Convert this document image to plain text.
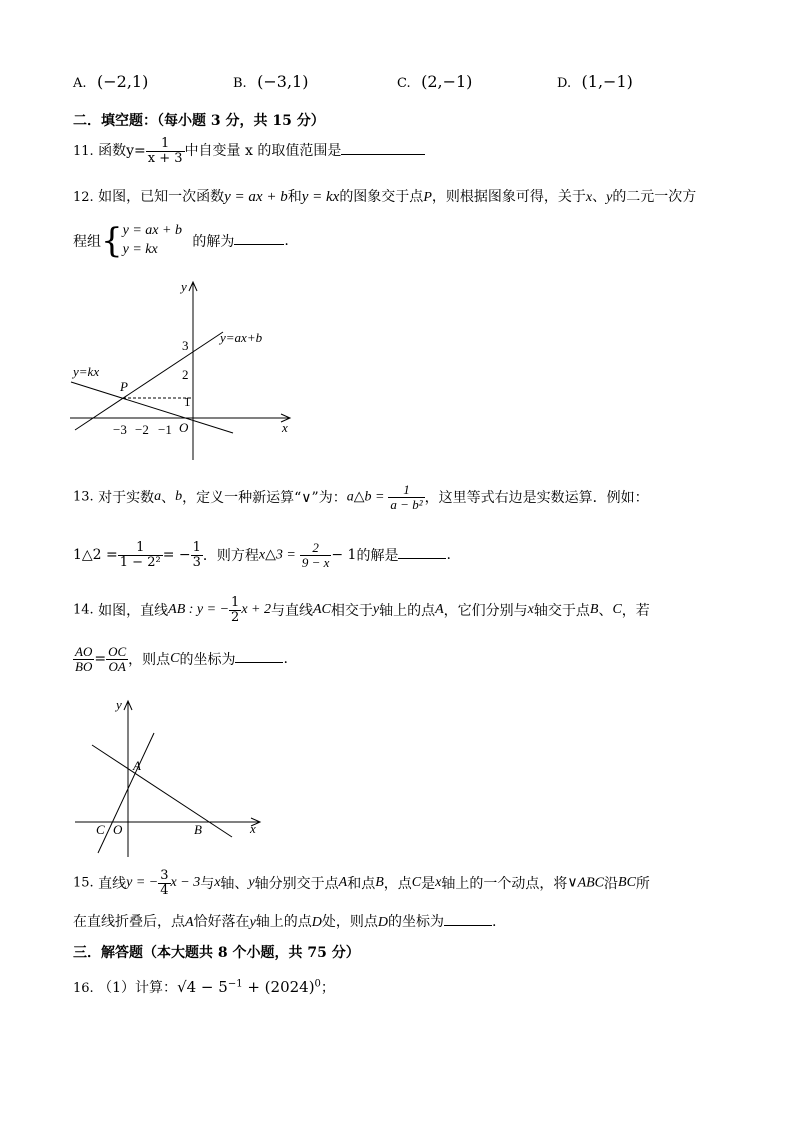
A. (−2,1)	B. (−3,1)	C. (2,−1)	D. (1,−1)
二．填空题：（每小题 3 分，共 15 分）
11. 函数$y= \frac{1}{x + 3}$ 中自变量 x 的取值范围是
12. 如图，已知一次函数y = ax + b和y = kx的图象交于点P，则根据图象可得，关于x、y的二元一次方
程组{ y = ax + b
y = kx	的解为	.
y
x
O
y=ax+b
y=kx
P
3
2
1
−3 −2 −1
13. 对于实数a、b，定义一种新运算“∨”为：a△b = $\frac{1}{\text{a − b²}}$ ，这里等式右边是实数运算．例如：
1△2 = $\frac{1}{\text{1 − 2²}}$ = − $\frac{1}{3}$ ．则方程x△3 = $\frac{2}{9 - x} - 1$的解是	.
14. 如图，直线AB : y = − $\frac{1}{2}$ x + 2与直线AC相交于y轴上的点A，它们分别与x轴交于点B、C，若
$\frac{AO}{BO} = \frac{OC}{OA}$ ，则点C的坐标为	.
y
x
A
B
C O
15. 直线y = − $\frac{3}{4}$ x − 3与x轴、y轴分别交于点A和点B，点C是x轴上的一个动点，将∨ABC沿BC所
在直线折叠后，点A恰好落在y轴上的点D处，则点D的坐标为	.
三．解答题（本大题共 8 个小题，共 75 分）
16. （1）计算：$√4 - 5^{-1} + (2024)^0$；
